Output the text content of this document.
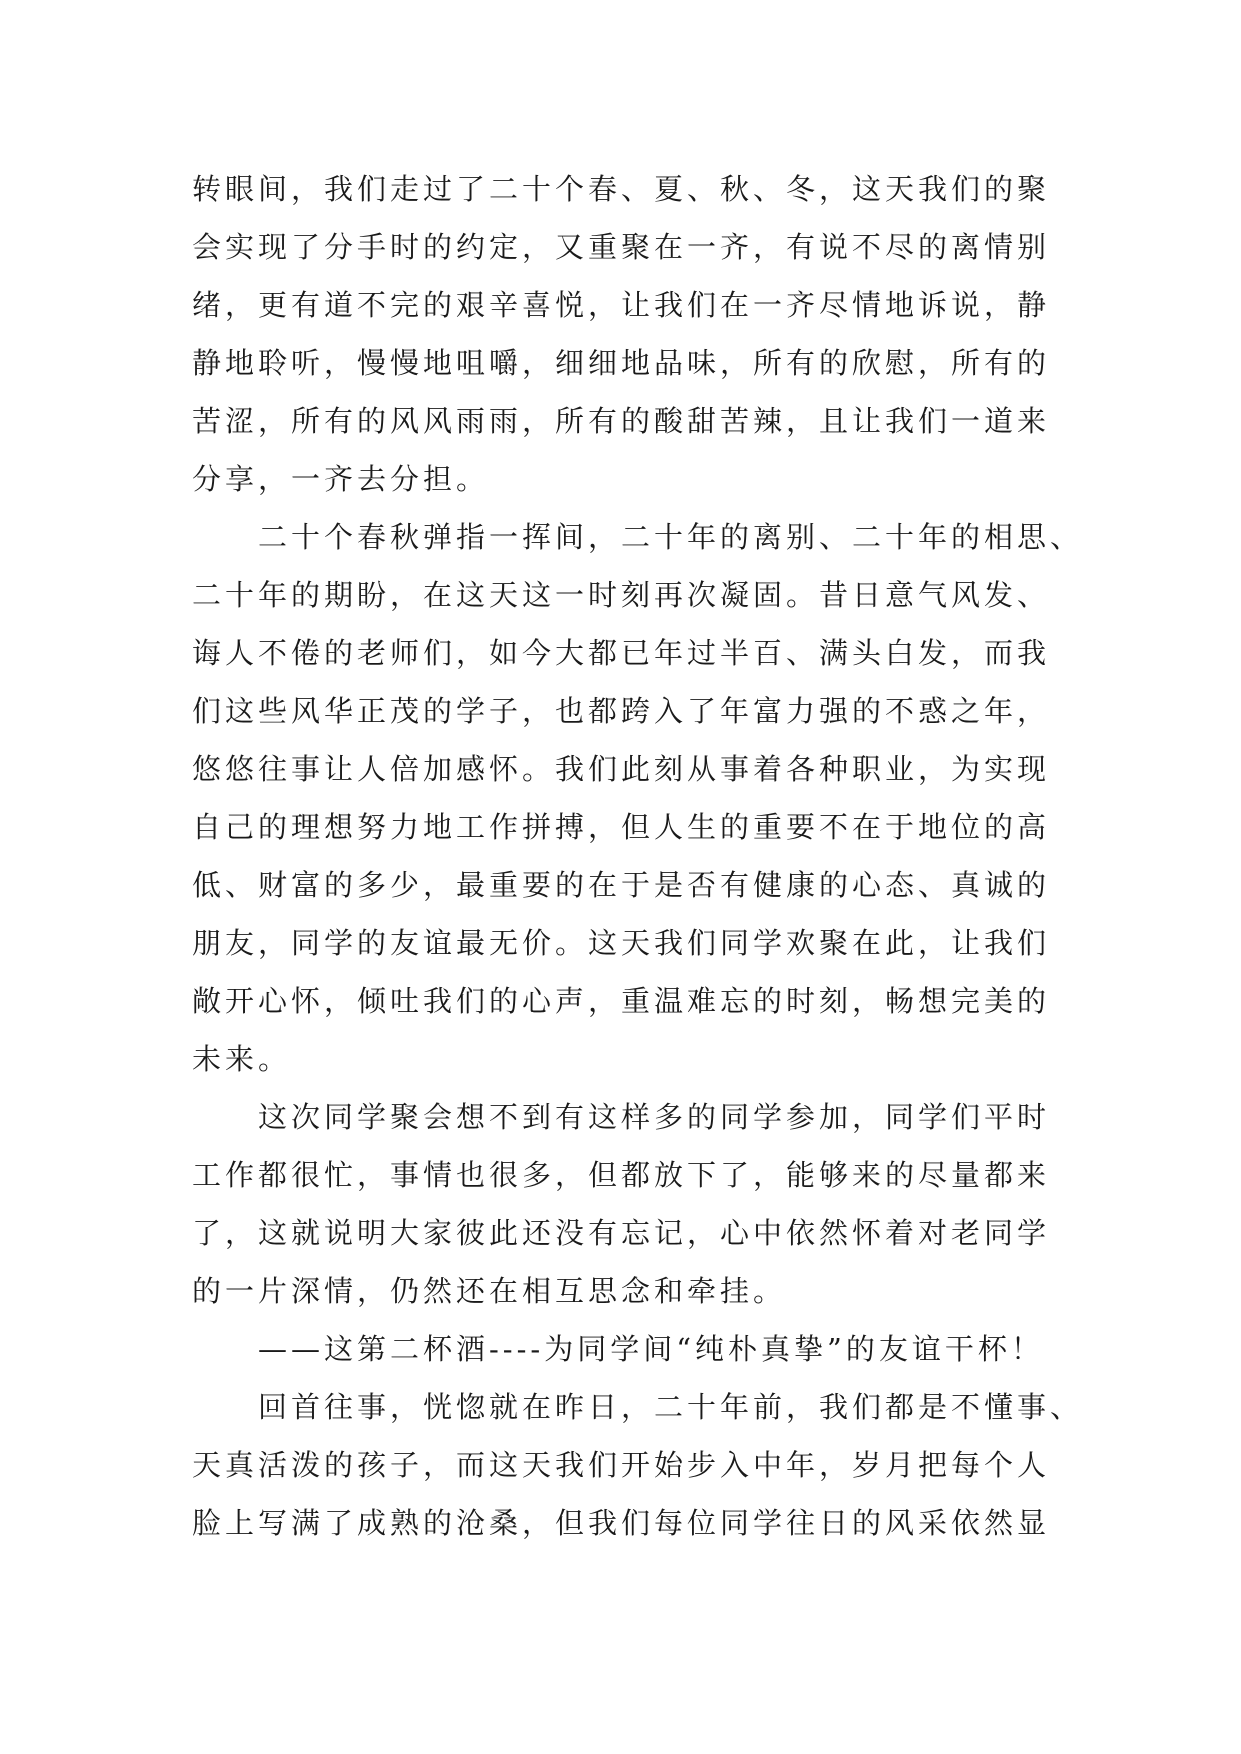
转眼间，我们走过了二十个春、夏、秋、冬，这天我们的聚
会实现了分手时的约定，又重聚在一齐，有说不尽的离情别
绪，更有道不完的艰辛喜悦，让我们在一齐尽情地诉说，静
静地聆听，慢慢地咀嚼，细细地品味，所有的欣慰，所有的
苦涩，所有的风风雨雨，所有的酸甜苦辣，且让我们一道来
分享，一齐去分担。
　　二十个春秋弹指一挥间，二十年的离别、二十年的相思、
二十年的期盼，在这天这一时刻再次凝固。昔日意气风发、
诲人不倦的老师们，如今大都已年过半百、满头白发，而我
们这些风华正茂的学子，也都跨入了年富力强的不惑之年，
悠悠往事让人倍加感怀。我们此刻从事着各种职业，为实现
自己的理想努力地工作拼搏，但人生的重要不在于地位的高
低、财富的多少，最重要的在于是否有健康的心态、真诚的
朋友，同学的友谊最无价。这天我们同学欢聚在此，让我们
敞开心怀，倾吐我们的心声，重温难忘的时刻，畅想完美的
未来。
　　这次同学聚会想不到有这样多的同学参加，同学们平时
工作都很忙，事情也很多，但都放下了，能够来的尽量都来
了，这就说明大家彼此还没有忘记，心中依然怀着对老同学
的一片深情，仍然还在相互思念和牵挂。
　　——这第二杯酒----为同学间“纯朴真挚”的友谊干杯！
　　回首往事，恍惚就在昨日，二十年前，我们都是不懂事、
天真活泼的孩子，而这天我们开始步入中年，岁月把每个人
脸上写满了成熟的沧桑，但我们每位同学往日的风采依然显
